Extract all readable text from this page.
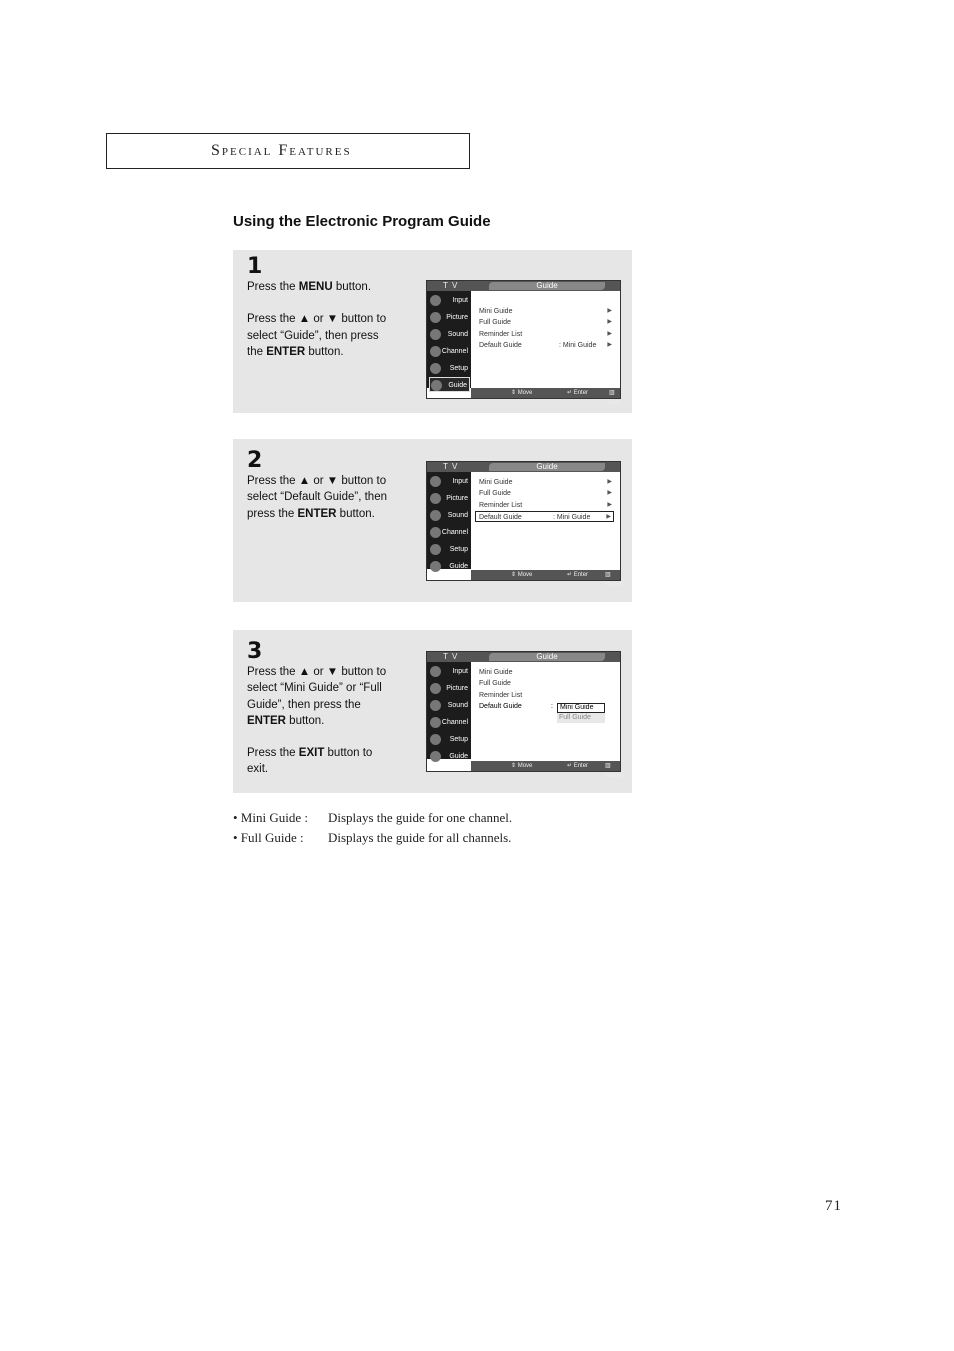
Special Features
Using the Electronic Program Guide
1

Press the MENU button.

Press the ▲ or ▼ button to select “Guide”, then press the ENTER button.

T V	Guide
Input
Picture
Sound
Channel
Setup
Guide
Mini Guide	▶
Full Guide	▶
Reminder List	▶
Default Guide	: Mini Guide ▶
⇕ Move	↵ Enter	▥ Exit
2

Press the ▲ or ▼ button to select “Default Guide”, then press the ENTER button.

T V	Guide
Input
Picture
Sound
Channel
Setup
Guide
Mini Guide	▶
Full Guide	▶
Reminder List	▶
Default Guide	: Mini Guide	▶
⇕ Move	↵ Enter	▥ Return
3

Press the ▲ or ▼ button to select “Mini Guide” or “Full Guide”, then press the ENTER button.

Press the EXIT button to exit.

T V	Guide
Input
Picture
Sound
Channel
Setup
Guide
Mini Guide
Full Guide
Reminder List
Default Guide	:	Mini Guide
Full Guide
⇕ Move	↵ Enter	▥ Return
• Mini Guide : Displays the guide for one channel.
• Full Guide : Displays the guide for all channels.
71
